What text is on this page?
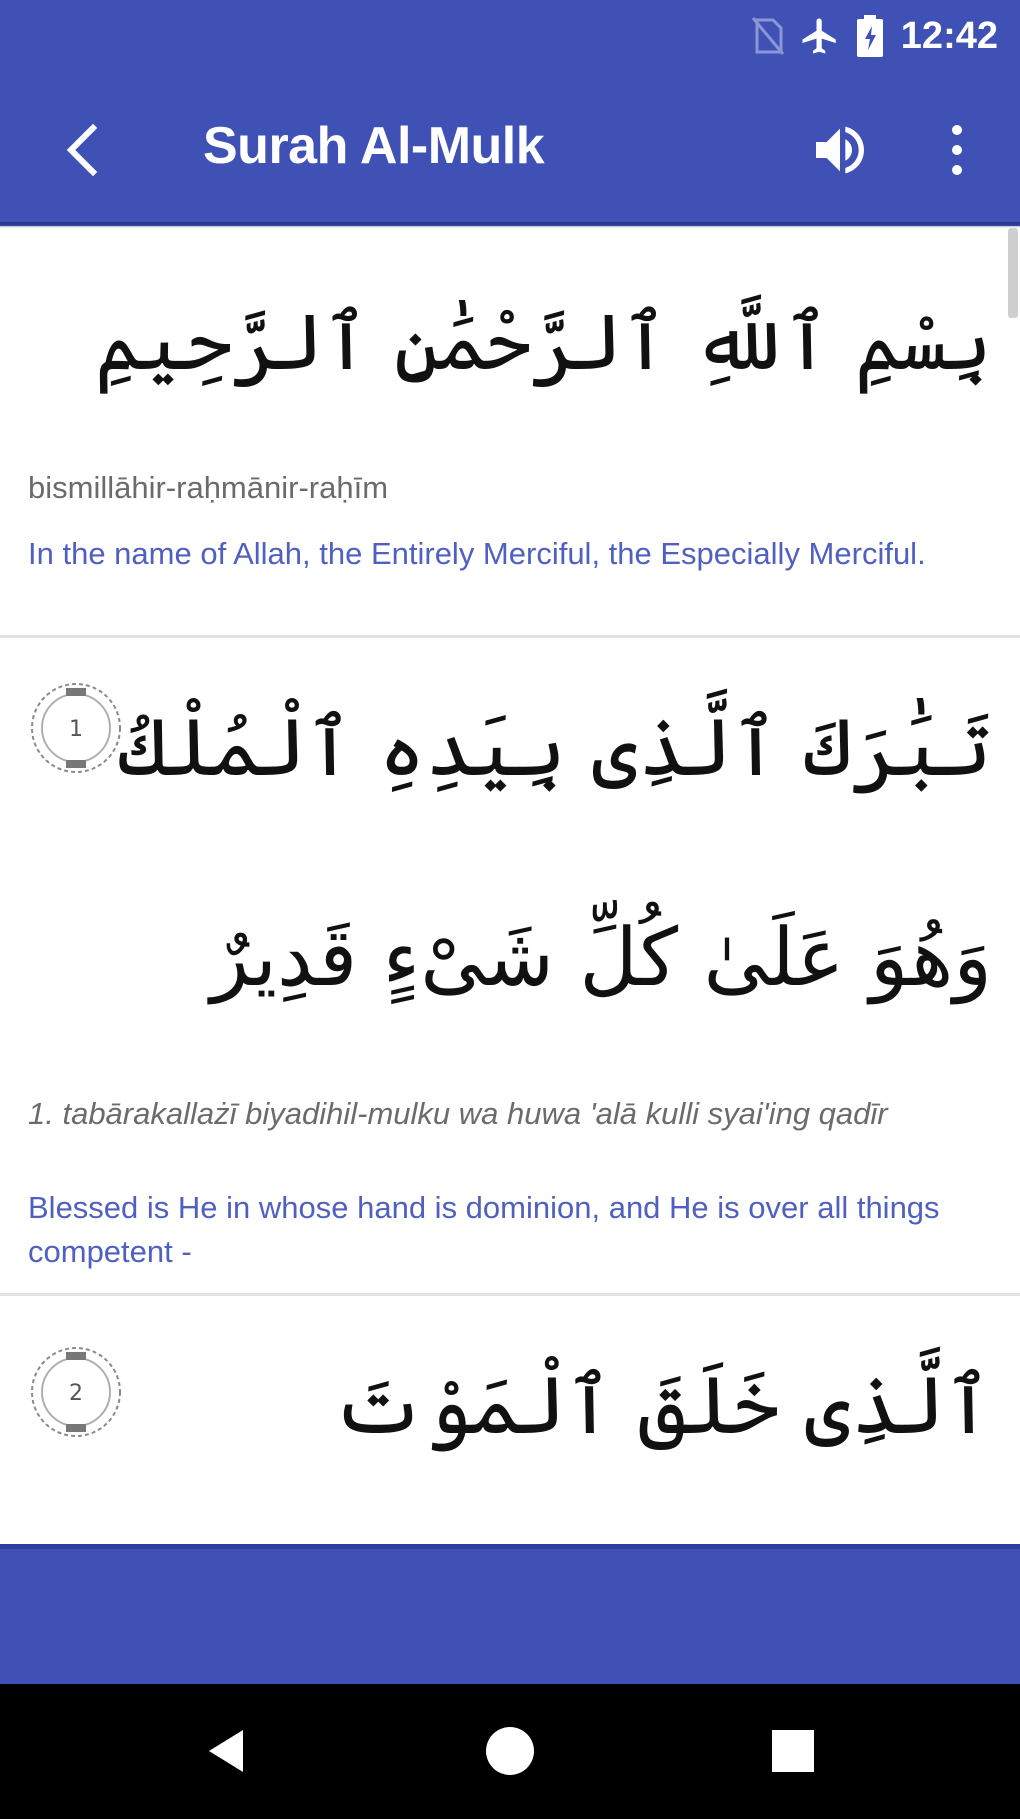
12:42
Surah Al-Mulk
بِسْمِ ٱللَّهِ ٱلرَّحْمَٰنِ ٱلرَّحِيمِ
bismillāhir-raḥmānir-raḥīm
In the name of Allah, the Entirely Merciful, the Especially Merciful.
1 تَبَٰرَكَ ٱلَّذِى بِيَدِهِ ٱلْمُلْكُ
وَهُوَ عَلَىٰ كُلِّ شَىْءٍ قَدِيرٌ
1. tabārakallażī biyadihil-mulku wa huwa 'alā kulli syai'ing qadīr
Blessed is He in whose hand is dominion, and He is over all things competent -
2	ٱلَّذِى خَلَقَ ٱلْمَوْتَ
